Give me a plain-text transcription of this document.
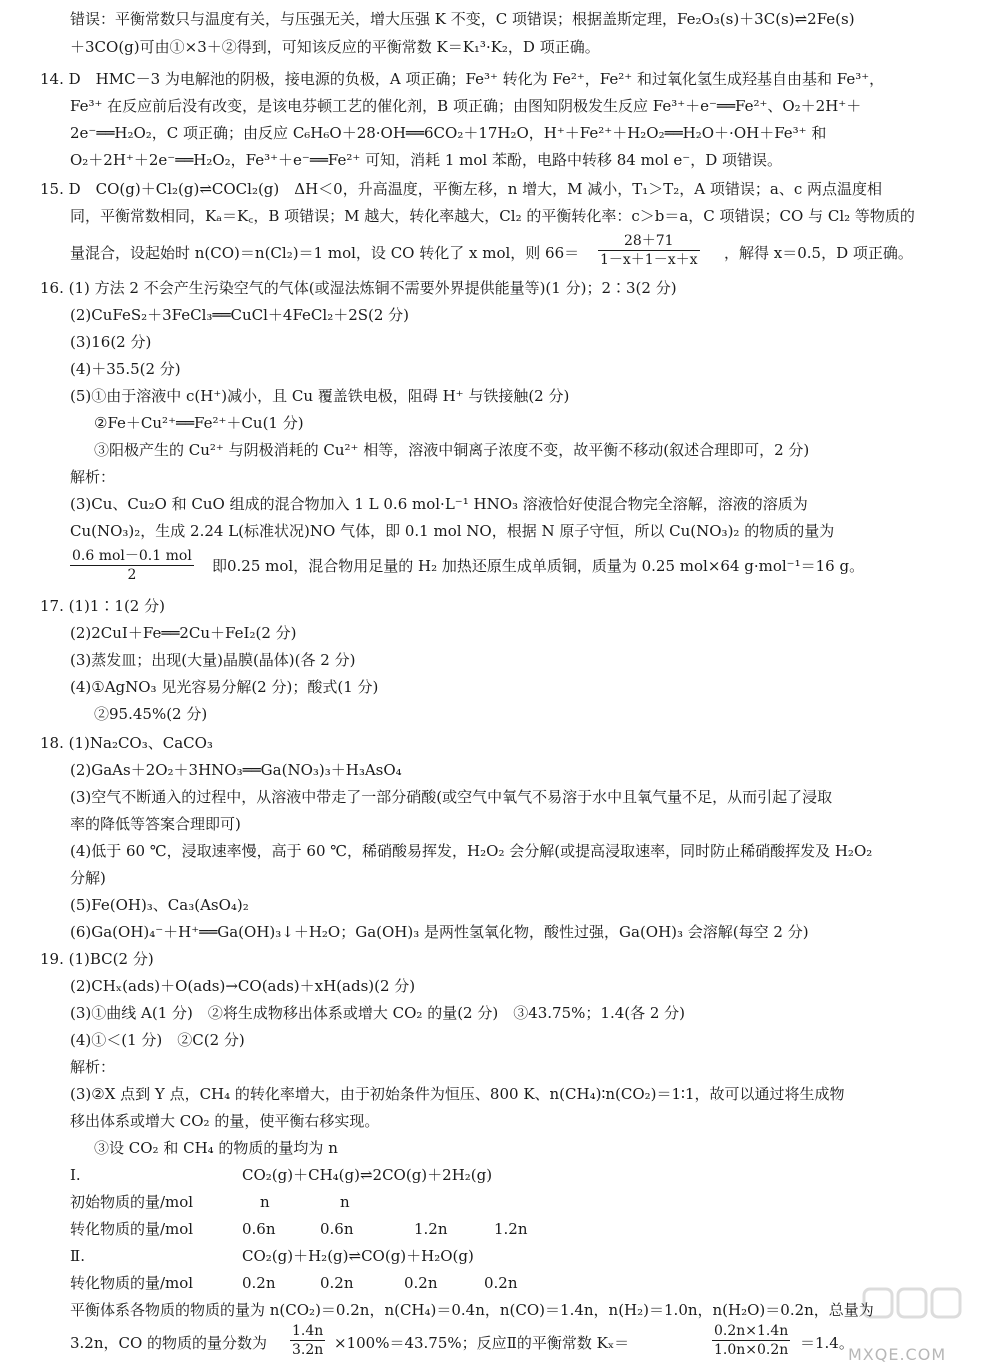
错误：平衡常数只与温度有关，与压强无关，增大压强 K 不变，C 项错误；根据盖斯定理，Fe₂O₃(s)＋3C(s)⇌2Fe(s)
＋3CO(g)可由①×3＋②得到，可知该反应的平衡常数 K＝K₁³·K₂，D 项正确。
14. D　HMC－3 为电解池的阴极，接电源的负极，A 项正确；Fe³⁺ 转化为 Fe²⁺，Fe²⁺ 和过氧化氢生成羟基自由基和 Fe³⁺，
Fe³⁺ 在反应前后没有改变，是该电芬顿工艺的催化剂，B 项正确；由图知阴极发生反应 Fe³⁺＋e⁻══Fe²⁺、O₂＋2H⁺＋
2e⁻══H₂O₂，C 项正确；由反应 C₆H₆O＋28·OH══6CO₂＋17H₂O，H⁺＋Fe²⁺＋H₂O₂══H₂O＋·OH＋Fe³⁺ 和
O₂＋2H⁺＋2e⁻══H₂O₂，Fe³⁺＋e⁻══Fe²⁺ 可知，消耗 1 mol 苯酚，电路中转移 84 mol e⁻，D 项错误。
15. D　CO(g)＋Cl₂(g)⇌COCl₂(g)　ΔH＜0，升高温度，平衡左移，n 增大，M 减小，T₁＞T₂，A 项错误；a、c 两点温度相
同，平衡常数相同，Kₐ＝K꜀，B 项错误；M 越大，转化率越大，Cl₂ 的平衡转化率：c＞b＝a，C 项错误；CO 与 Cl₂ 等物质的
量混合，设起始时 n(CO)＝n(Cl₂)＝1 mol，设 CO 转化了 x mol，则 $66= \frac{28+71}{1-x+1-x+x}$ ，解得 x＝0.5，D 项正确。
16. (1) 方法 2 不会产生污染空气的气体(或湿法炼铜不需要外界提供能量等)(1 分)；2∶3(2 分)
(2)CuFeS₂＋3FeCl₃══CuCl＋4FeCl₂＋2S(2 分)
(3)16(2 分)
(4)＋35.5(2 分)
(5)①由于溶液中 c(H⁺)减小，且 Cu 覆盖铁电极，阻碍 H⁺ 与铁接触(2 分)
②Fe＋Cu²⁺══Fe²⁺＋Cu(1 分)
③阳极产生的 Cu²⁺ 与阴极消耗的 Cu²⁺ 相等，溶液中铜离子浓度不变，故平衡不移动(叙述合理即可，2 分)
解析：
(3)Cu、Cu₂O 和 CuO 组成的混合物加入 1 L 0.6 mol·L⁻¹ HNO₃ 溶液恰好使混合物完全溶解，溶液的溶质为
Cu(NO₃)₂，生成 2.24 L(标准状况)NO 气体，即 0.1 mol NO，根据 N 原子守恒，所以 Cu(NO₃)₂ 的物质的量为
0.6 mol－0.1 mol
2	即0.25 mol，混合物用足量的 H₂ 加热还原生成单质铜，质量为 0.25 mol×64 g·mol⁻¹＝16 g。
17. (1)1∶1(2 分)
(2)2CuI＋Fe══2Cu＋FeI₂(2 分)
(3)蒸发皿；出现(大量)晶膜(晶体)(各 2 分)
(4)①AgNO₃ 见光容易分解(2 分)；酸式(1 分)
②95.45%(2 分)
18. (1)Na₂CO₃、CaCO₃
(2)GaAs＋2O₂＋3HNO₃══Ga(NO₃)₃＋H₃AsO₄
(3)空气不断通入的过程中，从溶液中带走了一部分硝酸(或空气中氧气不易溶于水中且氧气量不足，从而引起了浸取
率的降低等答案合理即可)
(4)低于 60 ℃，浸取速率慢，高于 60 ℃，稀硝酸易挥发，H₂O₂ 会分解(或提高浸取速率，同时防止稀硝酸挥发及 H₂O₂
分解)
(5)Fe(OH)₃、Ca₃(AsO₄)₂
(6)Ga(OH)₄⁻＋H⁺══Ga(OH)₃↓＋H₂O；Ga(OH)₃ 是两性氢氧化物，酸性过强，Ga(OH)₃ 会溶解(每空 2 分)
19. (1)BC(2 分)
(2)CHₓ(ads)＋O(ads)→CO(ads)＋xH(ads)(2 分)
(3)①曲线 A(1 分)　②将生成物移出体系或增大 CO₂ 的量(2 分)　③43.75%；1.4(各 2 分)
(4)①＜(1 分)　②C(2 分)
解析：
(3)②X 点到 Y 点，CH₄ 的转化率增大，由于初始条件为恒压、800 K、n(CH₄)∶n(CO₂)＝1∶1，故可以通过将生成物
移出体系或增大 CO₂ 的量，使平衡右移实现。
③设 CO₂ 和 CH₄ 的物质的量均为 n
Ⅰ.	CO₂(g)＋CH₄(g)⇌2CO(g)＋2H₂(g)
初始物质的量/mol	n	n
转化物质的量/mol	0.6n	0.6n	1.2n	1.2n
Ⅱ.	CO₂(g)＋H₂(g)⇌CO(g)＋H₂O(g)
转化物质的量/mol	0.2n	0.2n	0.2n	0.2n
平衡体系各物质的物质的量为 n(CO₂)＝0.2n，n(CH₄)＝0.4n，n(CO)＝1.4n，n(H₂)＝1.0n，n(H₂O)＝0.2n，总量为
3.2n，CO 的物质的量分数为 $\frac{1.4n}{3.2n} \times 100\%=43.75\%$；反应Ⅱ的平衡常数 Kₓ＝	$\frac{0.2n\times 1.4n}{1.0n\times 0.2n} =1.4$。
MXQE.COM
